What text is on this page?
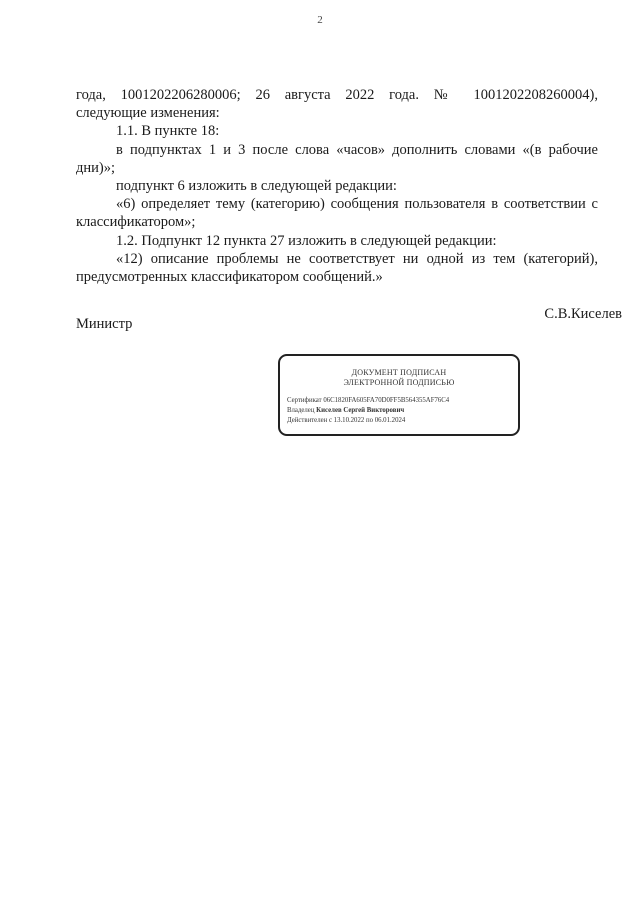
2

года, 1001202206280006; 26 августа 2022 года. № 1001202208260004),

следующие изменения:

1.1. В пункте 18:

в подпунктах 1 и 3 после слова «часов» дополнить словами «(в рабочие дни)»;

подпункт 6 изложить в следующей редакции:

«6) определяет тему (категорию) сообщения пользователя в соответствии с классификатором»;

1.2. Подпункт 12 пункта 27 изложить в следующей редакции:

«12) описание проблемы не соответствует ни одной из тем (категорий), предусмотренных классификатором сообщений.»

Министр
С.В.Киселев
ДОКУМЕНТ ПОДПИСАН
ЭЛЕКТРОННОЙ ПОДПИСЬЮ
Сертификат 06C1820FA605FA70D0FF5B564355AF76C4
Владелец Киселев Сергей Викторович
Действителен с 13.10.2022 по 06.01.2024
